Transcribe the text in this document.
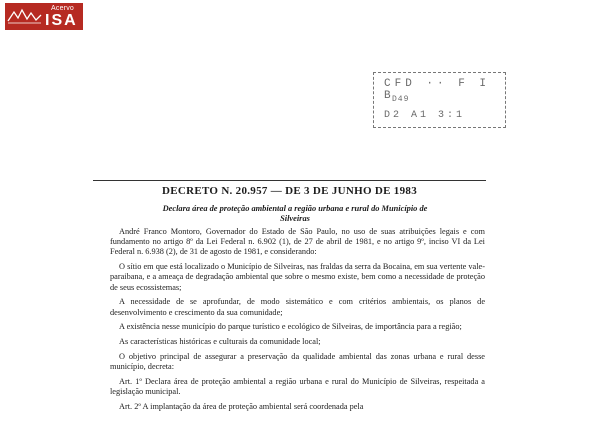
Acervo
ISA
CFD ·· F I B
D49
D2 A1 3:1
DECRETO N. 20.957 — DE 3 DE JUNHO DE 1983
Declara área de proteção ambiental a região urbana e rural do Município de Silveiras

André Franco Montoro, Governador do Estado de São Paulo, no uso de suas atribuições legais e com fundamento no artigo 8º da Lei Federal n. 6.902 (1), de 27 de abril de 1981, e no artigo 9º, inciso VI da Lei Federal n. 6.938 (2), de 31 de agosto de 1981, e considerando:

O sítio em que está localizado o Município de Silveiras, nas fraldas da serra da Bocaina, em sua vertente vale-paraibana, e a ameaça de degradação ambiental que sobre o mesmo existe, bem como a necessidade de proteção de seus ecossistemas;

A necessidade de se aprofundar, de modo sistemático e com critérios ambientais, os planos de desenvolvimento e crescimento da sua comunidade;

A existência nesse município do parque turístico e ecológico de Silveiras, de importância para a região;

As características históricas e culturais da comunidade local;

O objetivo principal de assegurar a preservação da qualidade ambiental das zonas urbana e rural desse município, decreta:

Art. 1º Declara área de proteção ambiental a região urbana e rural do Município de Silveiras, respeitada a legislação municipal.

Art. 2º A implantação da área de proteção ambiental será coordenada pela
